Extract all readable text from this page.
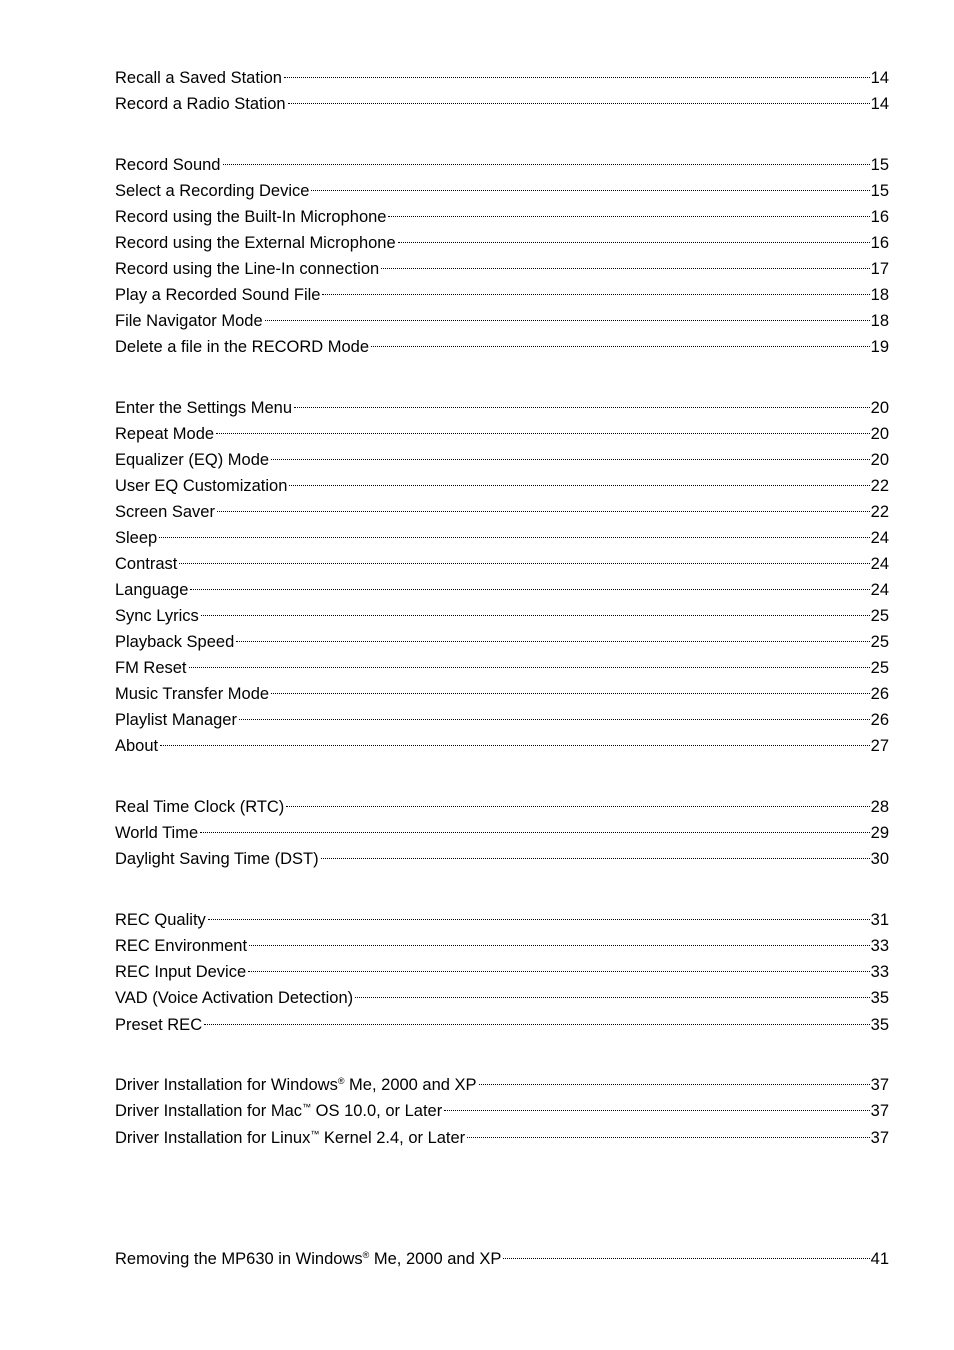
Recall a Saved Station	14
Record a Radio Station	14
Record Sound	15
Select a Recording Device	15
Record using the Built-In Microphone	16
Record using the External Microphone	16
Record using the Line-In connection	17
Play a Recorded Sound File	18
File Navigator Mode	18
Delete a file in the RECORD Mode	19
Enter the Settings Menu	20
Repeat Mode	20
Equalizer (EQ) Mode	20
User EQ Customization	22
Screen Saver	22
Sleep	24
Contrast	24
Language	24
Sync Lyrics	25
Playback Speed	25
FM Reset	25
Music Transfer Mode	26
Playlist Manager	26
About	27
Real Time Clock (RTC)	28
World Time	29
Daylight Saving Time (DST)	30
REC Quality	31
REC Environment	33
REC Input Device	33
VAD (Voice Activation Detection)	35
Preset REC	35
Driver Installation for Windows® Me, 2000 and XP	37
Driver Installation for Mac™ OS 10.0, or Later	37
Driver Installation for Linux™ Kernel 2.4, or Later	37
Removing the MP630 in Windows® Me, 2000 and XP	41
